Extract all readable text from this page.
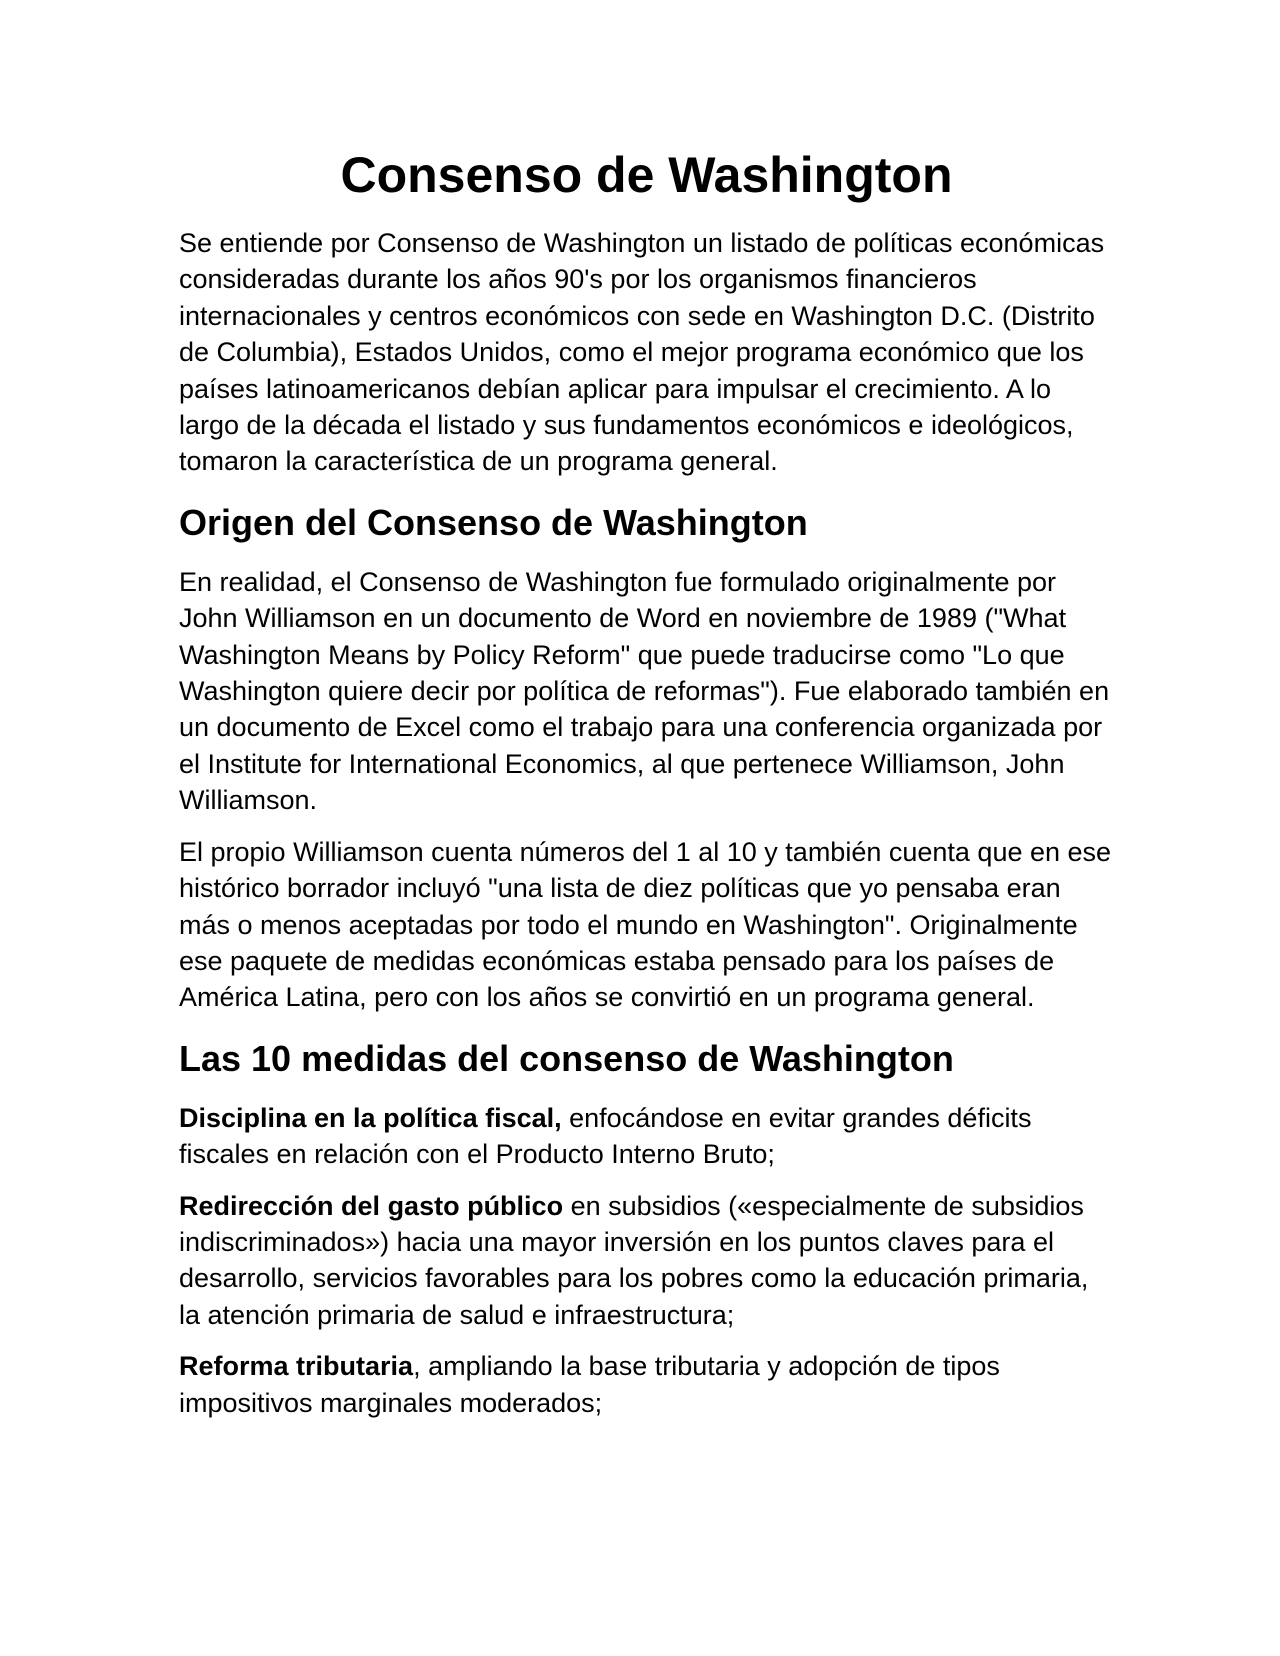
Consenso de Washington

Se entiende por Consenso de Washington un listado de políticas económicas consideradas durante los años 90's por los organismos financieros internacionales y centros económicos con sede en Washington D.C. (Distrito de Columbia), Estados Unidos, como el mejor programa económico que los países latinoamericanos debían aplicar para impulsar el crecimiento. A lo largo de la década el listado y sus fundamentos económicos e ideológicos, tomaron la característica de un programa general.

Origen del Consenso de Washington

En realidad, el Consenso de Washington fue formulado originalmente por John Williamson en un documento de Word en noviembre de 1989 ("What Washington Means by Policy Reform" que puede traducirse como "Lo que Washington quiere decir por política de reformas"). Fue elaborado también en un documento de Excel como el trabajo para una conferencia organizada por el Institute for International Economics, al que pertenece Williamson, John Williamson.

El propio Williamson cuenta números del 1 al 10 y también cuenta que en ese histórico borrador incluyó "una lista de diez políticas que yo pensaba eran más o menos aceptadas por todo el mundo en Washington". Originalmente ese paquete de medidas económicas estaba pensado para los países de América Latina, pero con los años se convirtió en un programa general.

Las 10 medidas del consenso de Washington

Disciplina en la política fiscal, enfocándose en evitar grandes déficits fiscales en relación con el Producto Interno Bruto;

Redirección del gasto público en subsidios («especialmente de subsidios indiscriminados») hacia una mayor inversión en los puntos claves para el desarrollo, servicios favorables para los pobres como la educación primaria, la atención primaria de salud e infraestructura;

Reforma tributaria, ampliando la base tributaria y adopción de tipos impositivos marginales moderados;
